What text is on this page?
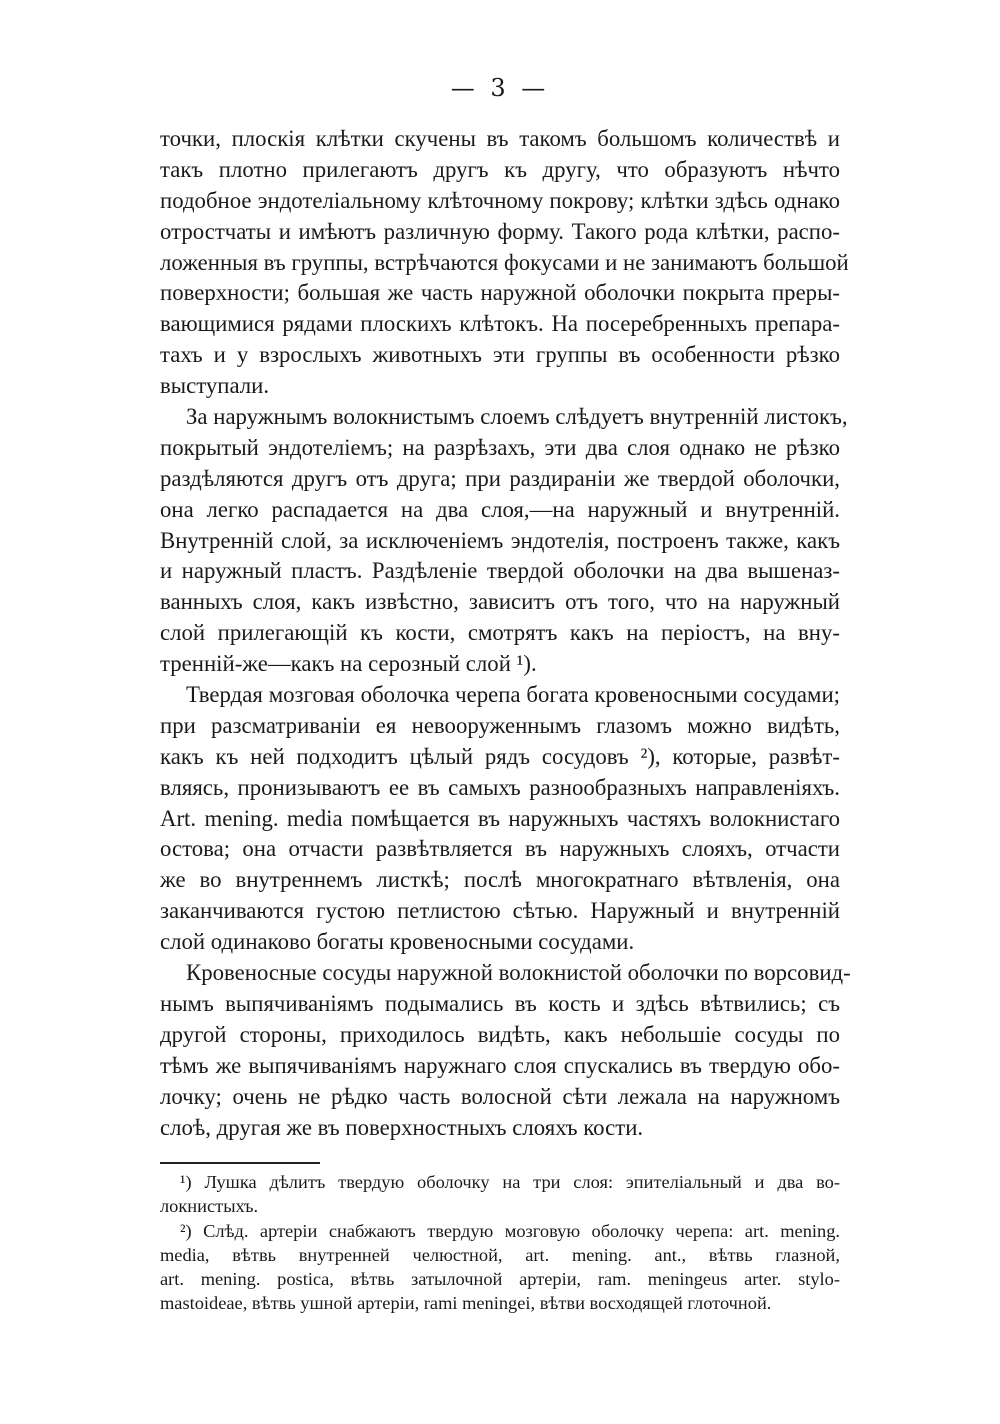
— 3 —
точки, плоскія клѣтки скучены въ такомъ большомъ количествѣ и
такъ плотно прилегаютъ другъ къ другу, что образуютъ нѣчто
подобное эндотеліальному клѣточному покрову; клѣтки здѣсь однако
отростчаты и имѣютъ различную форму. Такого рода клѣтки, распо-
ложенныя въ группы, встрѣчаются фокусами и не занимаютъ большой
поверхности; большая же часть наружной оболочки покрыта преры-
вающимися рядами плоскихъ клѣтокъ. На посеребренныхъ препара-
тахъ и у взрослыхъ животныхъ эти группы въ особенности рѣзко
выступали.
За наружнымъ волокнистымъ слоемъ слѣдуетъ внутренній листокъ,
покрытый эндотеліемъ; на разрѣзахъ, эти два слоя однако не рѣзко
раздѣляются другъ отъ друга; при раздираніи же твердой оболочки,
она легко распадается на два слоя,—на наружный и внутренній.
Внутренній слой, за исключеніемъ эндотелія, построенъ также, какъ
и наружный пластъ. Раздѣленіе твердой оболочки на два вышеназ-
ванныхъ слоя, какъ извѣстно, зависитъ отъ того, что на наружный
слой прилегающій къ кости, смотрятъ какъ на періостъ, на вну-
тренній-же—какъ на серозный слой ¹).
Твердая мозговая оболочка черепа богата кровеносными сосудами;
при разсматриваніи ея невооруженнымъ глазомъ можно видѣть,
какъ къ ней подходитъ цѣлый рядъ сосудовъ ²), которые, развѣт-
вляясь, пронизываютъ ее въ самыхъ разнообразныхъ направленіяхъ.
Art. mening. media помѣщается въ наружныхъ частяхъ волокнистаго
остова; она отчасти развѣтвляется въ наружныхъ слояхъ, отчасти
же во внутреннемъ листкѣ; послѣ многократнаго вѣтвленія, она
заканчиваются густою петлистою сѣтью. Наружный и внутренній
слой одинаково богаты кровеносными сосудами.
Кровеносные сосуды наружной волокнистой оболочки по ворсовид-
нымъ выпячиваніямъ подымались въ кость и здѣсь вѣтвились; съ
другой стороны, приходилось видѣть, какъ небольшіе сосуды по
тѣмъ же выпячиваніямъ наружнаго слоя спускались въ твердую обо-
лочку; очень не рѣдко часть волосной сѣти лежала на наружномъ
слоѣ, другая же въ поверхностныхъ слояхъ кости.
¹) Лушка дѣлитъ твердую оболочку на три слоя: эпителіальный и два во-
локнистыхъ.
²) Слѣд. артеріи снабжаютъ твердую мозговую оболочку черепа: art. mening.
media, вѣтвь внутренней челюстной, art. mening. ant., вѣтвь глазной,
art. mening. postica, вѣтвь затылочной артеріи, ram. meningeus arter. stylo-
mastoideae, вѣтвь ушной артеріи, rami meningei, вѣтви восходящей глоточной.
